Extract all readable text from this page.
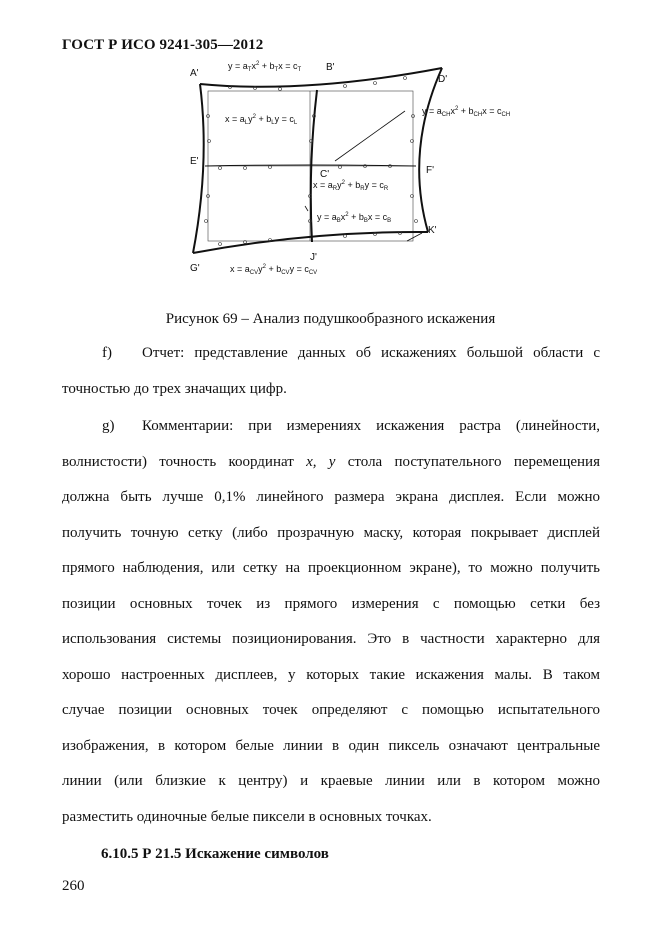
ГОСТ Р ИСО 9241-305—2012
A'
B'
D'
E'
C'	F'
G'
J'
K'
$y = a_Tx^2 + b_Tx = c_T$
$x = a_Ly^2 + b_Ly = c_L$
$y = a_{CH}x^2 + b_{CH}x = c_{CH}$
$x = a_Ry^2 + b_Ry = c_R$
$y = a_Bx^2 + b_Bx = c_B$
$x = a_{CV}y^2 + b_{CV}y = c_{CV}$
Рисунок 69 – Анализ подушкообразного искажения
f) Отчет: представление данных об искажениях большой области с
точностью до трех значащих цифр.
g) Комментарии: при измерениях искажения растра (линейности,
волнистости) точность координат x, y стола поступательного перемещения
должна быть лучше 0,1% линейного размера экрана дисплея. Если можно
получить точную сетку (либо прозрачную маску, которая покрывает дисплей
прямого наблюдения, или сетку на проекционном экране), то можно получить
позиции основных точек из прямого измерения с помощью сетки без
использования системы позиционирования. Это в частности характерно для
хорошо настроенных дисплеев, у которых такие искажения малы. В таком
случае позиции основных точек определяют с помощью испытательного
изображения, в котором белые линии в один пиксель означают центральные
линии (или близкие к центру) и краевые линии или в котором можно
разместить одиночные белые пиксели в основных точках.
6.10.5 Р 21.5 Искажение символов
260
